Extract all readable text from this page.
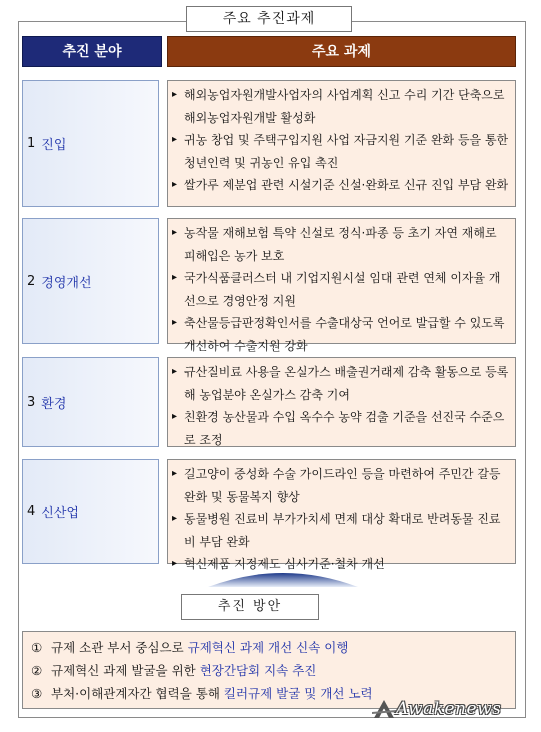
주요 추진과제
추진 분야	주요 과제
1 진입
▸ 해외농업자원개발사업자의 사업계획 신고 수리 기간 단축으로 해외농업자원개발 활성화
▸ 귀농 창업 및 주택구입지원 사업 자금지원 기준 완화 등을 통한 청년인력 및 귀농인 유입 촉진
▸ 쌀가루 제분업 관련 시설기준 신설·완화로 신규 진입 부담 완화
2 경영개선
▸ 농작물 재해보험 특약 신설로 정식·파종 등 초기 자연 재해로 피해입은 농가 보호
▸ 국가식품클러스터 내 기업지원시설 임대 관련 연체 이자율 개선으로 경영안정 지원
▸ 축산물등급판정확인서를 수출대상국 언어로 발급할 수 있도록 개선하여 수출지원 강화
3 환경
▸ 규산질비료 사용을 온실가스 배출권거래제 감축 활동으로 등록해 농업분야 온실가스 감축 기여
▸ 친환경 농산물과 수입 옥수수 농약 검출 기준을 선진국 수준으로 조정
4 신산업
▸ 길고양이 중성화 수술 가이드라인 등을 마련하여 주민간 갈등 완화 및 동물복지 향상
▸ 동물병원 진료비 부가가치세 면제 대상 확대로 반려동물 진료비 부담 완화
▸ 혁신제품 지정제도 심사기준·철차 개선
추진 방안
① 규제 소관 부서 중심으로
규제혁신 과제 개선 신속 이행
② 규제혁신 과제 발굴을 위한
현장간담회 지속 추진
③ 부처·이해관계자간 협력을 통해
킬러규제 발굴 및 개선 노력
Awakenews
